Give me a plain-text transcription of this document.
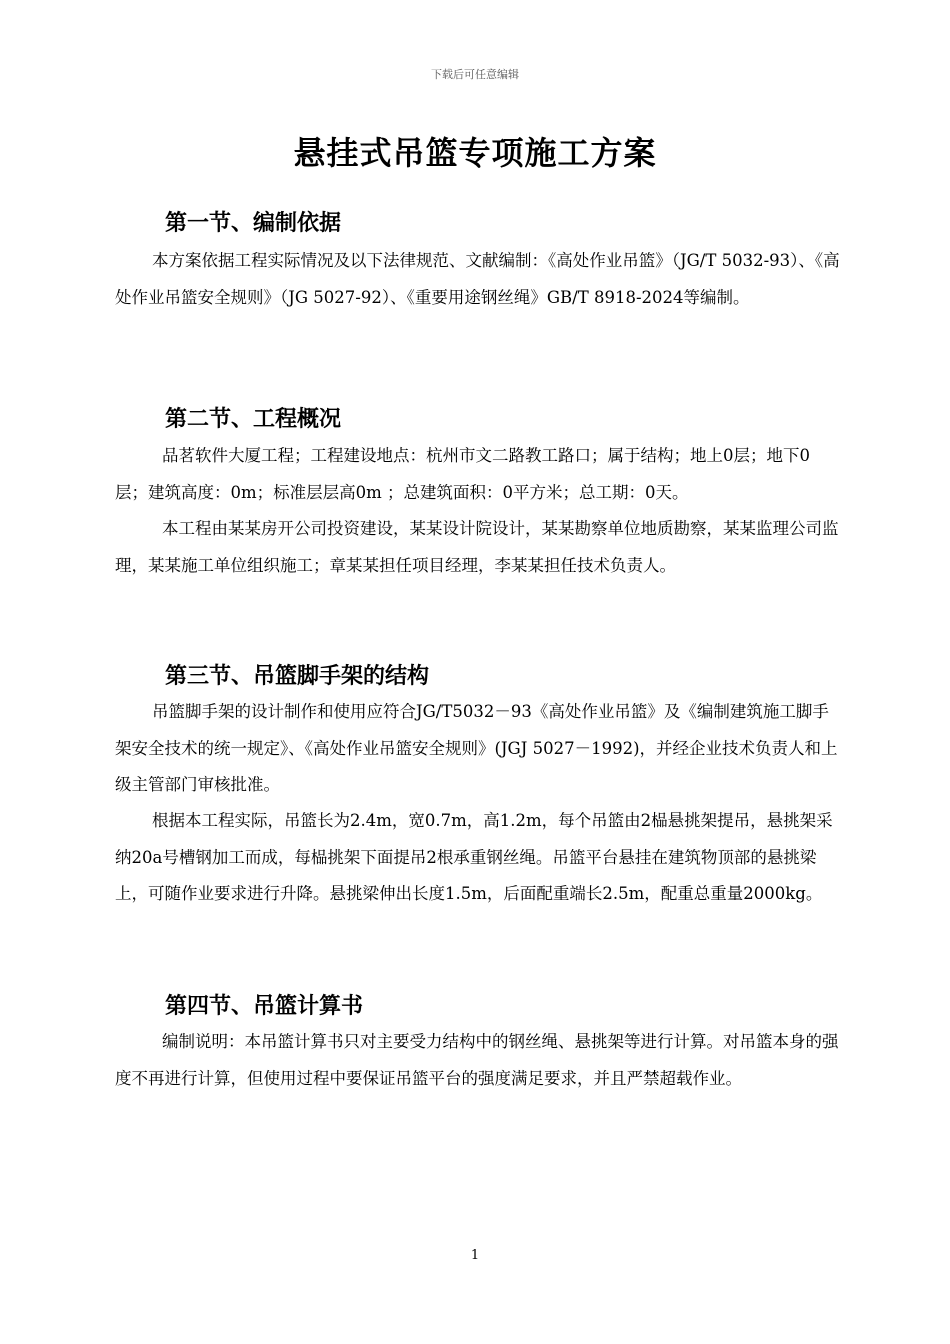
下载后可任意编辑
悬挂式吊篮专项施工方案
第一节、编制依据
本方案依据工程实际情况及以下法律规范、文献编制：《高处作业吊篮》（JG/T 5032-93）、《高处作业吊篮安全规则》（JG 5027-92）、《重要用途钢丝绳》GB/T 8918-2024等编制。
第二节、工程概况
品茗软件大厦工程；工程建设地点：杭州市文二路教工路口；属于结构；地上0层；地下0层；建筑高度：0m；标准层层高0m ；总建筑面积：0平方米；总工期：0天。
本工程由某某房开公司投资建设，某某设计院设计，某某勘察单位地质勘察，某某监理公司监理，某某施工单位组织施工；章某某担任项目经理，李某某担任技术负责人。
第三节、吊篮脚手架的结构
吊篮脚手架的设计制作和使用应符合JG/T5032－93《高处作业吊篮》及《编制建筑施工脚手架安全技术的统一规定》、《高处作业吊篮安全规则》(JGJ 5027－1992)，并经企业技术负责人和上级主管部门审核批准。
根据本工程实际，吊篮长为2.4m，宽0.7m，高1.2m，每个吊篮由2榀悬挑架提吊，悬挑架采纳20a号槽钢加工而成，每榀挑架下面提吊2根承重钢丝绳。吊篮平台悬挂在建筑物顶部的悬挑梁上，可随作业要求进行升降。悬挑梁伸出长度1.5m，后面配重端长2.5m，配重总重量2000kg。
第四节、吊篮计算书
编制说明：本吊篮计算书只对主要受力结构中的钢丝绳、悬挑架等进行计算。对吊篮本身的强度不再进行计算，但使用过程中要保证吊篮平台的强度满足要求，并且严禁超载作业。
1
